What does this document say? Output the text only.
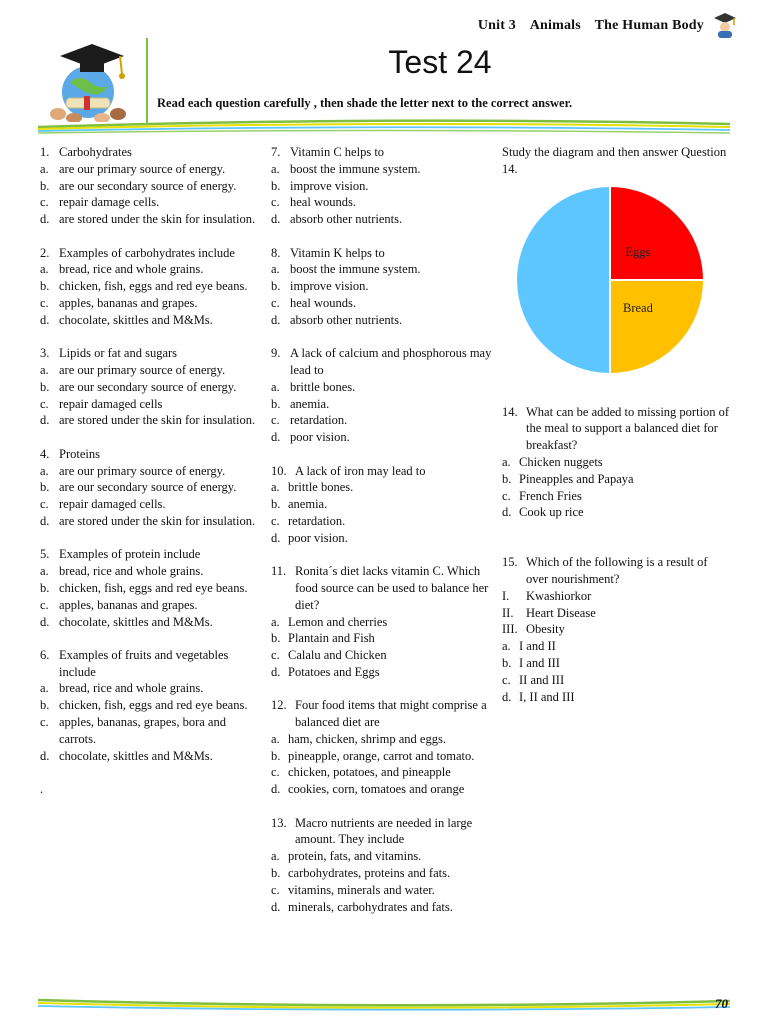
Unit 3 Animals The Human Body
Test 24
Read each question carefully , then shade the letter next to the correct answer.
1. Carbohydrates
a. are our primary source of energy.
b. are our secondary source of energy.
c. repair damage cells.
d. are stored under the skin for insulation.
2. Examples of carbohydrates include
a. bread, rice and whole grains.
b. chicken, fish, eggs and red eye beans.
c. apples, bananas and grapes.
d. chocolate, skittles and M&Ms.
3. Lipids or fat and sugars
a. are our primary source of energy.
b. are our secondary source of energy.
c. repair damaged cells
d. are stored under the skin for insulation.
4. Proteins
a. are our primary source of energy.
b. are our secondary source of energy.
c. repair damaged cells.
d. are stored under the skin for insulation.
5. Examples of protein include
a. bread, rice and whole grains.
b. chicken, fish, eggs and red eye beans.
c. apples, bananas and grapes.
d. chocolate, skittles and M&Ms.
6. Examples of fruits and vegetables include
a. bread, rice and whole grains.
b. chicken, fish, eggs and red eye beans.
c. apples, bananas, grapes, bora and carrots.
d. chocolate, skittles and M&Ms.
.
7. Vitamin C helps to
a. boost the immune system.
b. improve vision.
c. heal wounds.
d. absorb other nutrients.
8. Vitamin K helps to
a. boost the immune system.
b. improve vision.
c. heal wounds.
d. absorb other nutrients.
9. A lack of calcium and phosphorous may lead to
a. brittle bones.
b. anemia.
c. retardation.
d. poor vision.
10. A lack of iron may lead to
a. brittle bones.
b. anemia.
c. retardation.
d. poor vision.
11. Ronita´s diet lacks vitamin C. Which food source can be used to balance her diet?
a. Lemon and cherries
b. Plantain and Fish
c. Calalu and Chicken
d. Potatoes and Eggs
12. Four food items that might comprise a balanced diet are
a. ham, chicken, shrimp and eggs.
b. pineapple, orange, carrot and tomato.
c. chicken, potatoes, and pineapple
d. cookies, corn, tomatoes and orange
13. Macro nutrients are needed in large amount. They include
a. protein, fats, and vitamins.
b. carbohydrates, proteins and fats.
c. vitamins, minerals and water.
d. minerals, carbohydrates and fats.
Study the diagram and then answer Question 14.
Eggs
Bread
14. What can be added to missing portion of the meal to support a balanced diet for breakfast?
a. Chicken nuggets
b. Pineapples and Papaya
c. French Fries
d. Cook up rice
15. Which of the following is a result of over nourishment?
I.	Kwashiorkor
II.	Heart Disease
III. Obesity
a. I and II
b. I and III
c. II and III
d. I, II and III
70
